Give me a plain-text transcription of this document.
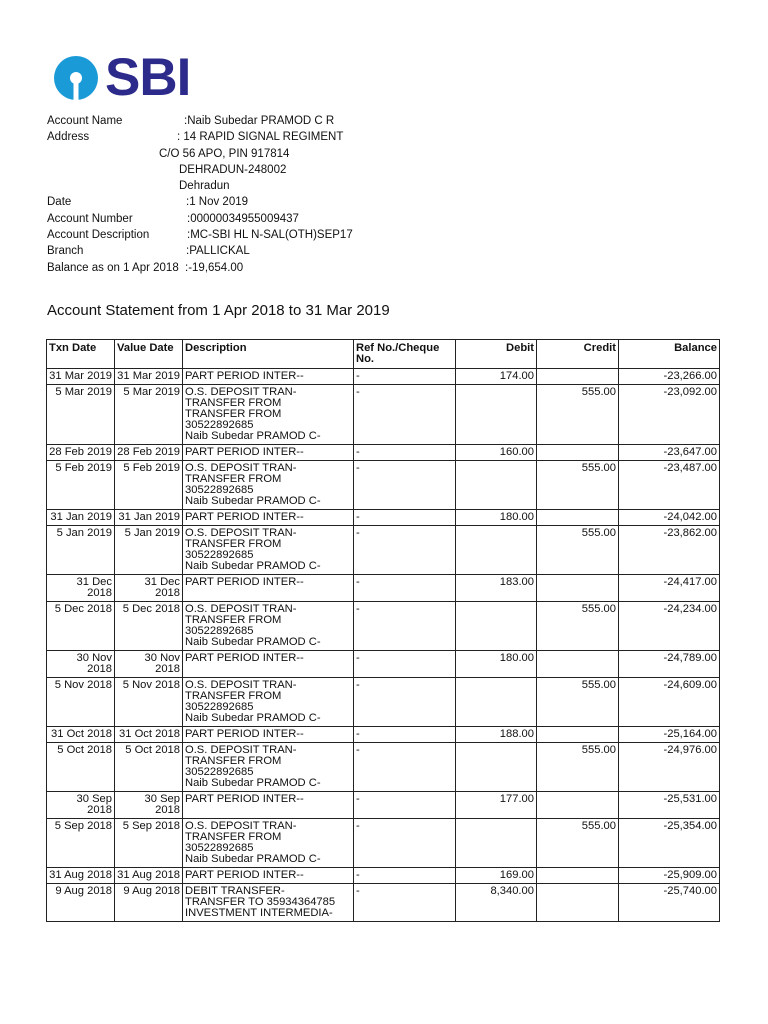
SBI
Account Name	:Naib Subedar PRAMOD C R
Address	: 14 RAPID SIGNAL REGIMENT
C/O 56 APO, PIN 917814
DEHRADUN-248002
Dehradun
Date	:1 Nov 2019
Account Number	:00000034955009437
Account Description	:MC-SBI HL N-SAL(OTH)SEP17
Branch	:PALLICKAL
Balance as on 1 Apr 2018 :-19,654.00
Account Statement from 1 Apr 2018 to 31 Mar 2019
Txn Date	Value Date	Description	Ref No./Cheque No.	Debit	Credit	Balance
31 Mar 2019	31 Mar 2019	PART PERIOD INTER--	-	174.00		-23,266.00
5 Mar 2019	5 Mar 2019	O.S. DEPOSIT TRAN-
TRANSFER FROM
TRANSFER FROM
30522892685
Naib Subedar PRAMOD C-	-		555.00	-23,092.00
28 Feb 2019	28 Feb 2019	PART PERIOD INTER--	-	160.00		-23,647.00
5 Feb 2019	5 Feb 2019	O.S. DEPOSIT TRAN-
TRANSFER FROM
30522892685
Naib Subedar PRAMOD C-	-		555.00	-23,487.00
31 Jan 2019	31 Jan 2019	PART PERIOD INTER--	-	180.00		-24,042.00
5 Jan 2019	5 Jan 2019	O.S. DEPOSIT TRAN-
TRANSFER FROM
30522892685
Naib Subedar PRAMOD C-	-		555.00	-23,862.00
31 Dec 2018	31 Dec 2018	PART PERIOD INTER--	-	183.00		-24,417.00
5 Dec 2018	5 Dec 2018	O.S. DEPOSIT TRAN-
TRANSFER FROM
30522892685
Naib Subedar PRAMOD C-	-		555.00	-24,234.00
30 Nov 2018	30 Nov 2018	PART PERIOD INTER--	-	180.00		-24,789.00
5 Nov 2018	5 Nov 2018	O.S. DEPOSIT TRAN-
TRANSFER FROM
30522892685
Naib Subedar PRAMOD C-	-		555.00	-24,609.00
31 Oct 2018	31 Oct 2018	PART PERIOD INTER--	-	188.00		-25,164.00
5 Oct 2018	5 Oct 2018	O.S. DEPOSIT TRAN-
TRANSFER FROM
30522892685
Naib Subedar PRAMOD C-	-		555.00	-24,976.00
30 Sep 2018	30 Sep 2018	PART PERIOD INTER--	-	177.00		-25,531.00
5 Sep 2018	5 Sep 2018	O.S. DEPOSIT TRAN-
TRANSFER FROM
30522892685
Naib Subedar PRAMOD C-	-		555.00	-25,354.00
31 Aug 2018	31 Aug 2018	PART PERIOD INTER--	-	169.00		-25,909.00
9 Aug 2018	9 Aug 2018	DEBIT TRANSFER-
TRANSFER TO 35934364785
INVESTMENT INTERMEDIA-	-	8,340.00		-25,740.00
